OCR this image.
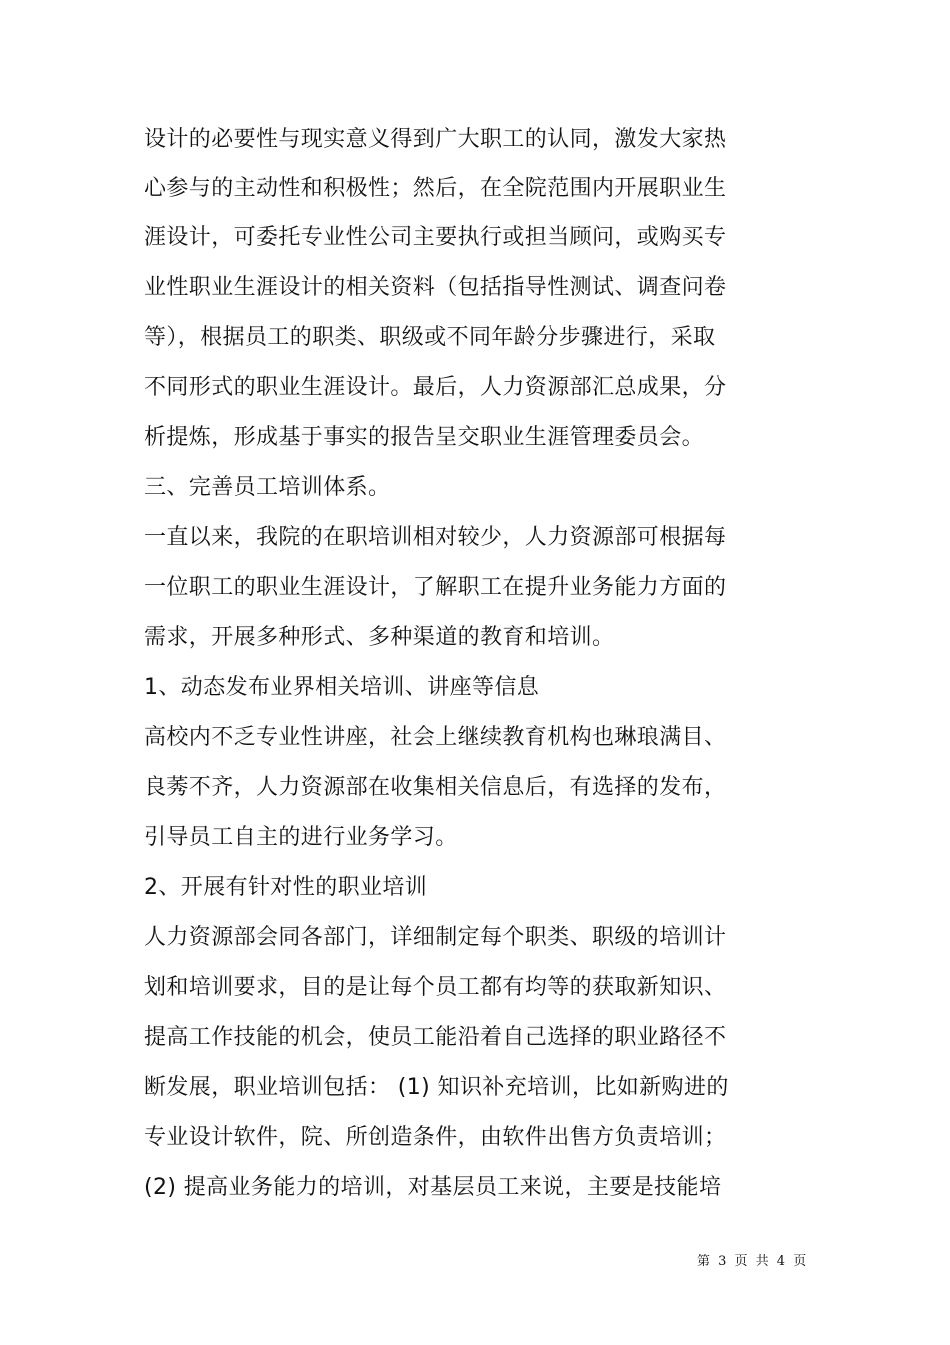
设计的必要性与现实意义得到广大职工的认同，激发大家热
心参与的主动性和积极性；然后，在全院范围内开展职业生
涯设计，可委托专业性公司主要执行或担当顾问，或购买专
业性职业生涯设计的相关资料（包括指导性测试、调查问卷
等），根据员工的职类、职级或不同年龄分步骤进行，采取
不同形式的职业生涯设计。最后，人力资源部汇总成果，分
析提炼，形成基于事实的报告呈交职业生涯管理委员会。
三、完善员工培训体系。
一直以来，我院的在职培训相对较少，人力资源部可根据每
一位职工的职业生涯设计，了解职工在提升业务能力方面的
需求，开展多种形式、多种渠道的教育和培训。
1、动态发布业界相关培训、讲座等信息
高校内不乏专业性讲座，社会上继续教育机构也琳琅满目、
良莠不齐，人力资源部在收集相关信息后，有选择的发布，
引导员工自主的进行业务学习。
2、开展有针对性的职业培训
人力资源部会同各部门，详细制定每个职类、职级的培训计
划和培训要求，目的是让每个员工都有均等的获取新知识、
提高工作技能的机会，使员工能沿着自己选择的职业路径不
断发展，职业培训包括： (1) 知识补充培训，比如新购进的
专业设计软件，院、所创造条件，由软件出售方负责培训；
(2) 提高业务能力的培训，对基层员工来说，主要是技能培
第 3 页 共 4 页
